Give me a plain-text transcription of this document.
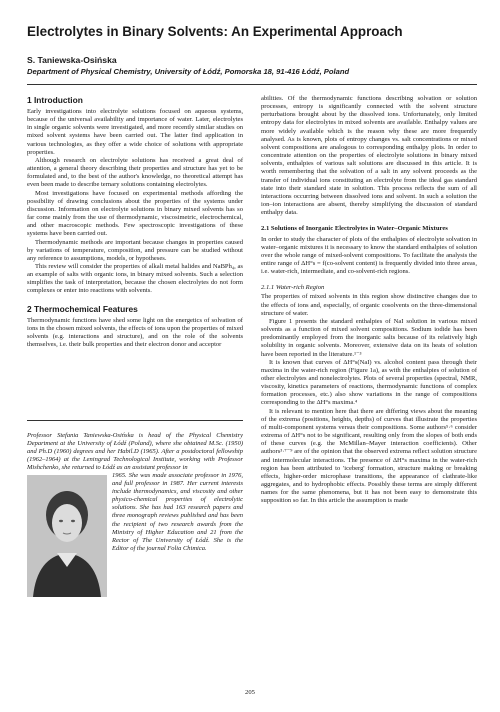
Electrolytes in Binary Solvents: An Experimental Approach
S. Taniewska-Osińska
Department of Physical Chemistry, University of Łódź, Pomorska 18, 91-416 Łódź, Poland
1 Introduction

Early investigations into electrolyte solutions focused on aqueous systems, because of the universal availability and importance of water. Later, electrolytes in single organic solvents were investigated, and more recently similar studies on mixed solvent systems have been carried out. The latter find application in various technologies, as they offer a wide choice of solutions with appropriate properties.

Although research on electrolyte solutions has received a great deal of attention, a general theory describing their properties and structure has yet to be formulated and, to the best of the author's knowledge, no theoretical attempt has even been made to describe ternary solutions containing electrolytes.

Most investigations have focused on experimental methods affording the possibility of drawing conclusions about the properties of the systems under discussion. Information on electrolyte solutions in binary mixed solvents has so far come mainly from the use of thermodynamic, viscosimetric, electrochemical, and other macroscopic methods. Few spectroscopic investigations of these systems have been carried out.

Thermodynamic methods are important because changes in properties caused by variations of temperature, composition, and pressure can be studied without any reference to assumptions, models, or hypotheses.

This review will consider the properties of alkali metal halides and NaBPh₄, as an example of salts with organic ions, in binary mixed solvents. Such a selection simplifies the task of interpretation, because the chosen electrolytes do not form complexes or enter into reactions with solvents.

2 Thermochemical Features

Thermodynamic functions have shed some light on the energetics of solvation of ions in the chosen mixed solvents, the effects of ions upon the properties of mixed solvents (e.g. interactions and structure), and on the role of the solvents themselves, i.e. their bulk properties and their electron donor and acceptor

Professor Stefania Taniewska-Osińska is head of the Physical Chemistry Department at the University of Łódź (Poland), where she obtained M.Sc. (1950) and Ph.D (1960) degrees and her Habil.D (1965). After a postdoctoral fellowship (1962–1964) at the Leningrad Technological Institute, working with Professor Mishchenko, she returned to Łódź as an assistant professor in

1965. She was made associate professor in 1976, and full professor in 1987. Her current interests include thermodynamics, and viscosity and other physico-chemical properties of electrolytic solutions. She has had 163 research papers and three monograph reviews published and has been the recipient of two research awards from the Ministry of Higher Education and 21 from the Rector of The University of Łódź. She is the Editor of the journal Folia Chimica.

abilities. Of the thermodynamic functions describing solvation or solution processes, entropy is significantly connected with the solvent structure perturbations brought about by the dissolved ions. Unfortunately, only limited entropy data for electrolytes in mixed solvents are available. Enthalpy values are more widely available which is the reason why these are more frequently analysed. As is known, plots of entropy changes vs. salt concentrations or mixed solvent compositions are analogous to corresponding enthalpy plots. In order to concentrate attention on the properties of electrolyte solutions in binary mixed solvents, enthalpies of various salt solutions are discussed in this article. It is worth remembering that the solvation of a salt in any solvent proceeds as the transfer of individual ions constituting an electrolyte from the ideal gas standard state into their standard state in solution. This process reflects the sum of all interactions occurring between dissolved ions and solvent. In such a solution the ion–ion interactions are absent, thereby simplifying the discussion of standard enthalpy data.

2.1 Solutions of Inorganic Electrolytes in Water–Organic Mixtures

In order to study the character of plots of the enthalpies of electrolyte solvation in water–organic mixtures it is necessary to know the standard enthalpies of solution over the whole range of mixed-solvent compositions. To facilitate the analysis the entire range of ΔH°s = f(co-solvent content) is frequently divided into three areas, i.e. water-rich, intermediate, and co-solvent-rich regions.

2.1.1 Water-rich Region

The properties of mixed solvents in this region show distinctive changes due to the effects of ions and, especially, of organic cosolvents on the three-dimensional structure of water.

Figure 1 presents the standard enthalpies of NaI solution in various mixed solvents as a function of mixed solvent compositions. Sodium iodide has been predominantly employed from the inorganic salts because of its relatively high solubility in organic solvents. Moreover, extensive data on its heats of solution have been reported in the literature.¹⁻³

It is known that curves of ΔH°s(NaI) vs. alcohol content pass through their maxima in the water-rich region (Figure 1a), as with the enthalpies of solution of other electrolytes and nonelectrolytes. Plots of several properties (spectral, NMR, viscosity, kinetics parameters of reactions, thermodynamic functions of complex formation processes, etc.) also show variations in the range of compositions corresponding to the ΔH°s maxima.⁴

It is relevant to mention here that there are differing views about the meaning of the extrema (positions, heights, depths) of curves that illustrate the properties of multi-component systems versus their compositions. Some authors⁵·⁶ consider extrema of ΔH°s not to be significant, resulting only from the slopes of both ends of these curves (e.g. the McMillan–Mayer interaction coefficients). Other authors³·⁷⁻⁹ are of the opinion that the observed extrema reflect solution structure and intermolecular interactions. The presence of ΔH°s maxima in the water-rich region has been attributed to 'iceberg' formation, structure making or breaking effects, higher-order microphase transitions, the appearance of clathrate-like aggregates, and to hydrophobic effects. Possibly these terms are simply different names for the same phenomena, but it has not been easy to demonstrate this supposition so far. In this article the assumption is made

205
